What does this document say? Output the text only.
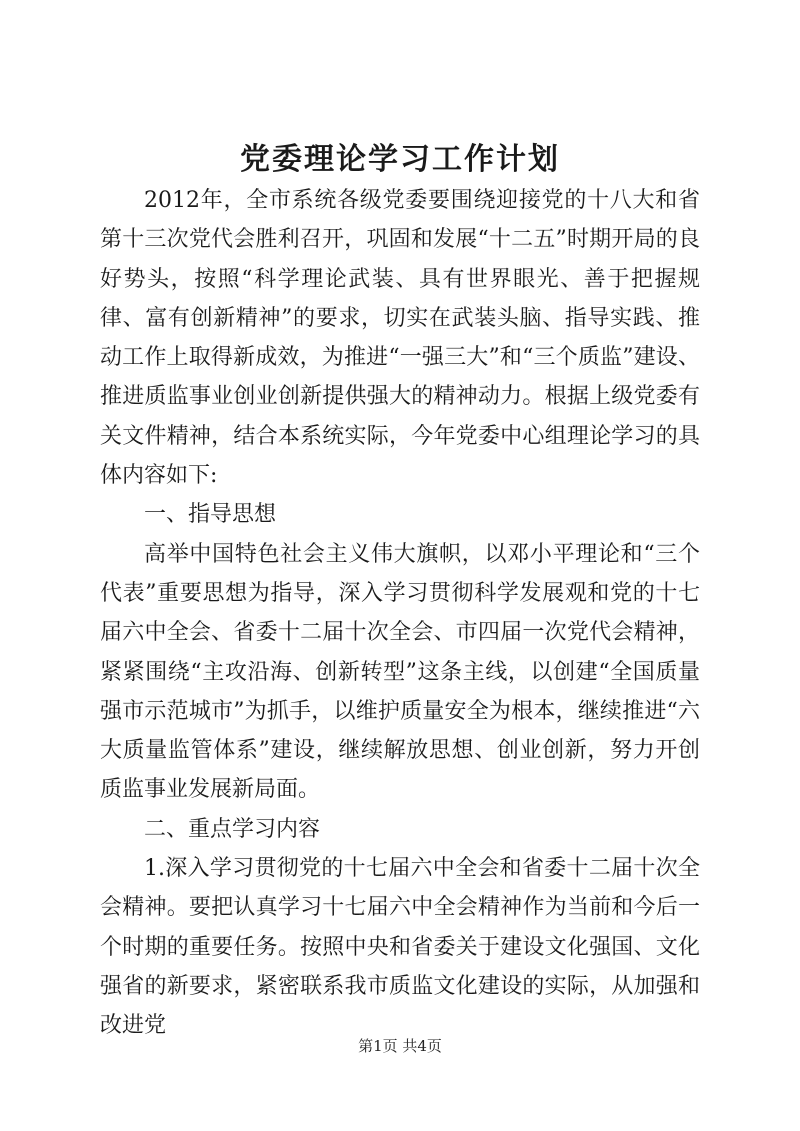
党委理论学习工作计划

2012年，全市系统各级党委要围绕迎接党的十八大和省第十三次党代会胜利召开，巩固和发展“十二五”时期开局的良好势头，按照“科学理论武装、具有世界眼光、善于把握规律、富有创新精神”的要求，切实在武装头脑、指导实践、推动工作上取得新成效，为推进“一强三大”和“三个质监”建设、推进质监事业创业创新提供强大的精神动力。根据上级党委有关文件精神，结合本系统实际，今年党委中心组理论学习的具体内容如下:

一、指导思想

高举中国特色社会主义伟大旗帜，以邓小平理论和“三个代表”重要思想为指导，深入学习贯彻科学发展观和党的十七届六中全会、省委十二届十次全会、市四届一次党代会精神，紧紧围绕“主攻沿海、创新转型”这条主线，以创建“全国质量强市示范城市”为抓手，以维护质量安全为根本，继续推进“六大质量监管体系”建设，继续解放思想、创业创新，努力开创质监事业发展新局面。

二、重点学习内容

1.深入学习贯彻党的十七届六中全会和省委十二届十次全会精神。要把认真学习十七届六中全会精神作为当前和今后一个时期的重要任务。按照中央和省委关于建设文化强国、文化强省的新要求，紧密联系我市质监文化建设的实际，从加强和改进党

第1页 共4页
